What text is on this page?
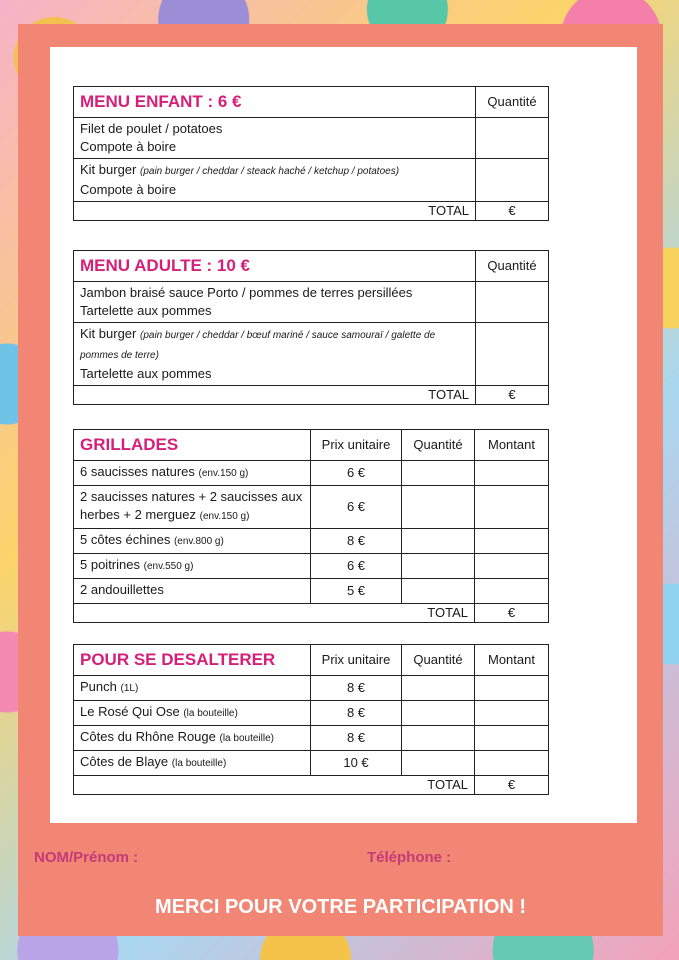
MENU ENFANT : 6 €	Quantité

Filet de poulet / potatoes
Compote à boire	

Kit burger (pain burger / cheddar / steack haché / ketchup / potatoes)
Compote à boire	

TOTAL	€
MENU ADULTE : 10 €	Quantité

Jambon braisé sauce Porto / pommes de terres persillées
Tartelette aux pommes	

Kit burger (pain burger / cheddar / bœuf mariné / sauce samouraï / galette de pommes de terre)
Tartelette aux pommes	

TOTAL	€
GRILLADES	Prix unitaire	Quantité	Montant
6 saucisses natures (env.150 g)	6 €		
2 saucisses natures + 2 saucisses aux herbes + 2 merguez (env.150 g)	6 €		
5 côtes échines (env.800 g)	8 €		
5 poitrines (env.550 g)	6 €		
2 andouillettes	5 €		
TOTAL			€
POUR SE DESALTERER	Prix unitaire	Quantité	Montant
Punch (1L)	8 €		
Le Rosé Qui Ose (la bouteille)	8 €		
Côtes du Rhône Rouge (la bouteille)	8 €		
Côtes de Blaye (la bouteille)	10 €		
TOTAL			€
NOM/Prénom :	Téléphone :
MERCI POUR VOTRE PARTICIPATION !
